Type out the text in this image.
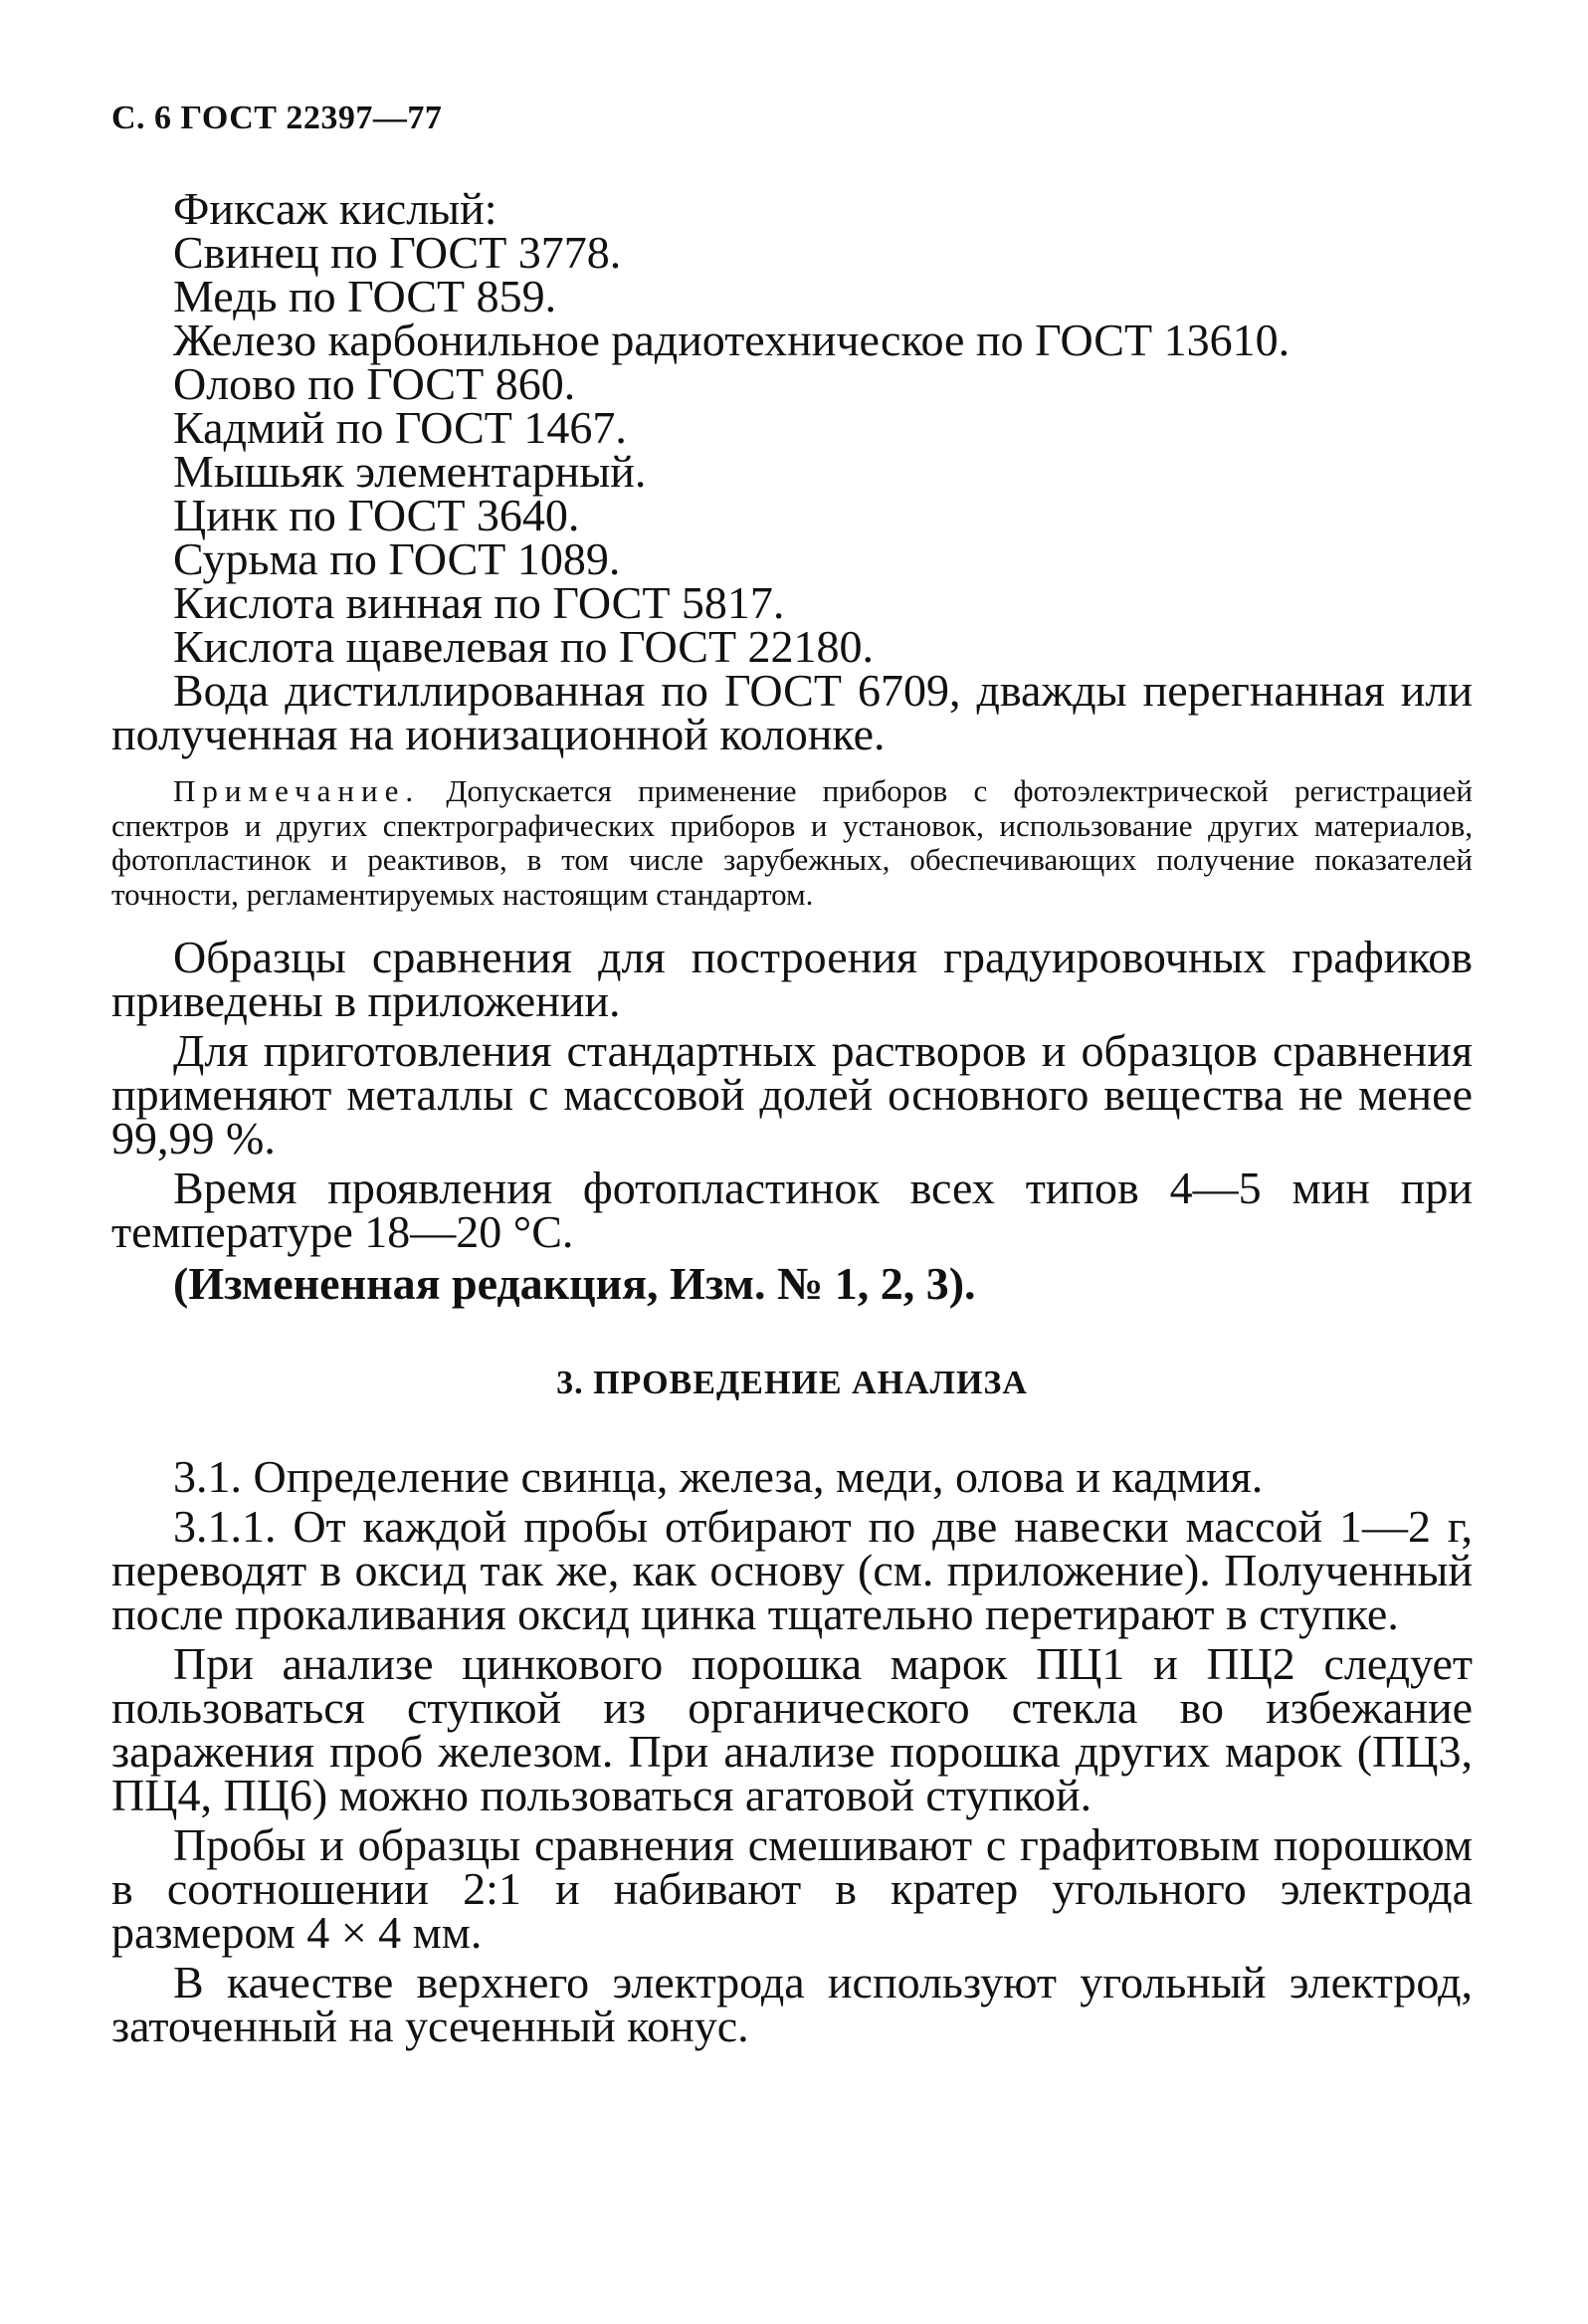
С. 6 ГОСТ 22397—77

Фиксаж кислый:

Свинец по ГОСТ 3778.

Медь по ГОСТ 859.

Железо карбонильное радиотехническое по ГОСТ 13610.

Олово по ГОСТ 860.

Кадмий по ГОСТ 1467.

Мышьяк элементарный.

Цинк по ГОСТ 3640.

Сурьма по ГОСТ 1089.

Кислота винная по ГОСТ 5817.

Кислота щавелевая по ГОСТ 22180.

Вода дистиллированная по ГОСТ 6709, дважды перегнанная или полученная на ионизационной колонке.

Примечание. Допускается применение приборов с фотоэлектрической регистрацией спектров и других спектрографических приборов и установок, использование других материалов, фотопластинок и реактивов, в том числе зарубежных, обеспечивающих получение показателей точности, регламентируемых настоящим стандартом.

Образцы сравнения для построения градуировочных графиков приведены в приложении.

Для приготовления стандартных растворов и образцов сравнения применяют металлы с массовой долей основного вещества не менее 99,99 %.

Время проявления фотопластинок всех типов 4—5 мин при температуре 18—20 °С.

(Измененная редакция, Изм. № 1, 2, 3).

3. ПРОВЕДЕНИЕ АНАЛИЗА

3.1. Определение свинца, железа, меди, олова и кадмия.

3.1.1. От каждой пробы отбирают по две навески массой 1—2 г, переводят в оксид так же, как основу (см. приложение). Полученный после прокаливания оксид цинка тщательно перетирают в ступке.

При анализе цинкового порошка марок ПЦ1 и ПЦ2 следует пользоваться ступкой из органического стекла во избежание заражения проб железом. При анализе порошка других марок (ПЦ3, ПЦ4, ПЦ6) можно пользоваться агатовой ступкой.

Пробы и образцы сравнения смешивают с графитовым порошком в соотношении 2:1 и набивают в кратер угольного электрода размером 4 × 4 мм.

В качестве верхнего электрода используют угольный электрод, заточенный на усеченный конус.
